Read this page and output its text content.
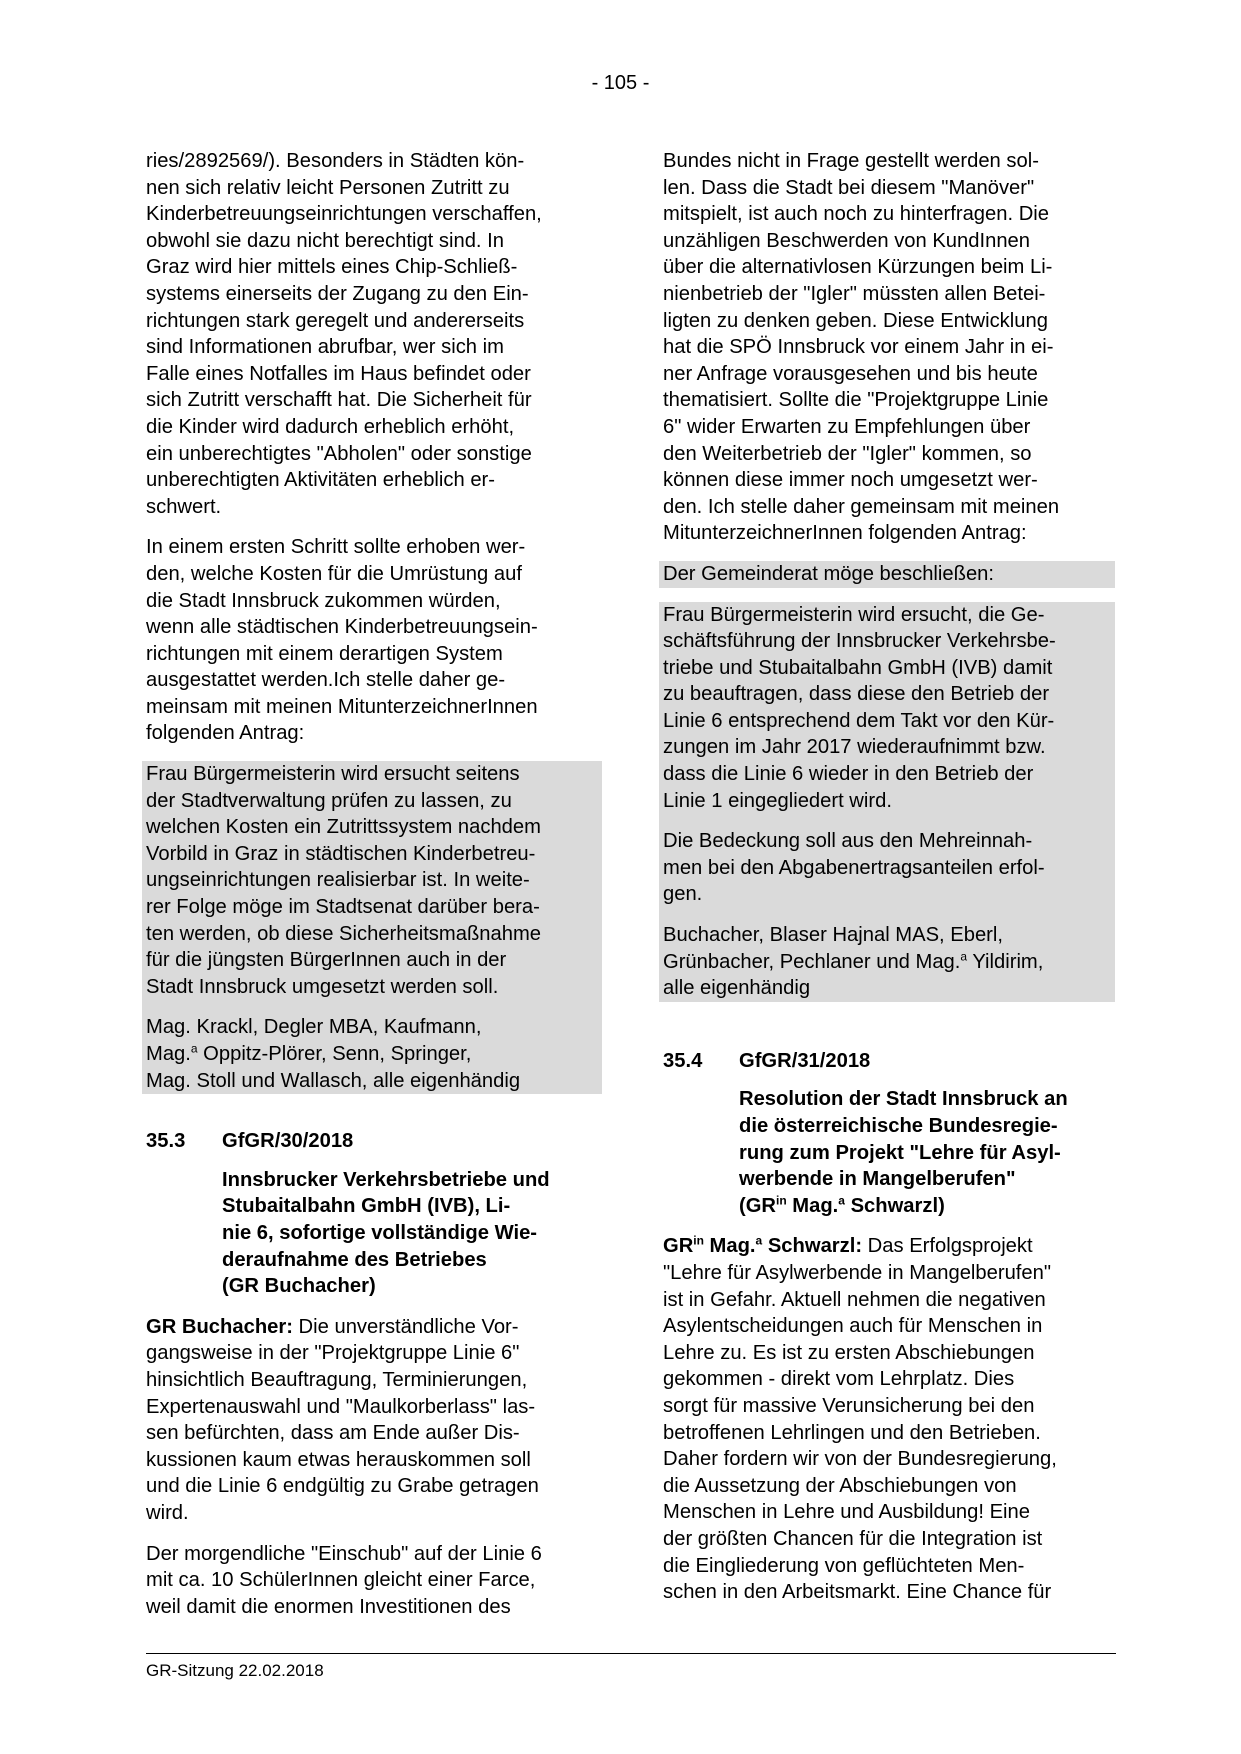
- 105 -

ries/2892569/). Besonders in Städten kön-
nen sich relativ leicht Personen Zutritt zu
Kinderbetreuungseinrichtungen verschaffen,
obwohl sie dazu nicht berechtigt sind. In
Graz wird hier mittels eines Chip-Schließ-
systems einerseits der Zugang zu den Ein-
richtungen stark geregelt und andererseits
sind Informationen abrufbar, wer sich im
Falle eines Notfalles im Haus befindet oder
sich Zutritt verschafft hat. Die Sicherheit für
die Kinder wird dadurch erheblich erhöht,
ein unberechtigtes "Abholen" oder sonstige
unberechtigten Aktivitäten erheblich er-
schwert.

In einem ersten Schritt sollte erhoben wer-
den, welche Kosten für die Umrüstung auf
die Stadt Innsbruck zukommen würden,
wenn alle städtischen Kinderbetreuungsein-
richtungen mit einem derartigen System
ausgestattet werden.Ich stelle daher ge-
meinsam mit meinen MitunterzeichnerInnen
folgenden Antrag:

Frau Bürgermeisterin wird ersucht seitens
der Stadtverwaltung prüfen zu lassen, zu
welchen Kosten ein Zutrittssystem nachdem
Vorbild in Graz in städtischen Kinderbetreu-
ungseinrichtungen realisierbar ist. In weite-
rer Folge möge im Stadtsenat darüber bera-
ten werden, ob diese Sicherheitsmaßnahme
für die jüngsten BürgerInnen auch in der
Stadt Innsbruck umgesetzt werden soll.

Mag. Krackl, Degler MBA, Kaufmann,
Mag.$^a$ Oppitz-Plörer, Senn, Springer,
Mag. Stoll und Wallasch, alle eigenhändig

35.3	GfGR/30/2018
Innsbrucker Verkehrsbetriebe und
Stubaitalbahn GmbH (IVB), Li-
nie 6, sofortige vollständige Wie-
deraufnahme des Betriebes
(GR Buchacher)

GR Buchacher: Die unverständliche Vor-
gangsweise in der "Projektgruppe Linie 6"
hinsichtlich Beauftragung, Terminierungen,
Expertenauswahl und "Maulkorberlass" las-
sen befürchten, dass am Ende außer Dis-
kussionen kaum etwas herauskommen soll
und die Linie 6 endgültig zu Grabe getragen
wird.

Der morgendliche "Einschub" auf der Linie 6
mit ca. 10 SchülerInnen gleicht einer Farce,
weil damit die enormen Investitionen des

Bundes nicht in Frage gestellt werden sol-
len. Dass die Stadt bei diesem "Manöver"
mitspielt, ist auch noch zu hinterfragen. Die
unzähligen Beschwerden von KundInnen
über die alternativlosen Kürzungen beim Li-
nienbetrieb der "Igler" müssten allen Betei-
ligten zu denken geben. Diese Entwicklung
hat die SPÖ Innsbruck vor einem Jahr in ei-
ner Anfrage vorausgesehen und bis heute
thematisiert. Sollte die "Projektgruppe Linie
6" wider Erwarten zu Empfehlungen über
den Weiterbetrieb der "Igler" kommen, so
können diese immer noch umgesetzt wer-
den. Ich stelle daher gemeinsam mit meinen
MitunterzeichnerInnen folgenden Antrag:

Der Gemeinderat möge beschließen:

Frau Bürgermeisterin wird ersucht, die Ge-
schäftsführung der Innsbrucker Verkehrsbe-
triebe und Stubaitalbahn GmbH (IVB) damit
zu beauftragen, dass diese den Betrieb der
Linie 6 entsprechend dem Takt vor den Kür-
zungen im Jahr 2017 wiederaufnimmt bzw.
dass die Linie 6 wieder in den Betrieb der
Linie 1 eingegliedert wird.

Die Bedeckung soll aus den Mehreinnah-
men bei den Abgabenertragsanteilen erfol-
gen.

Buchacher, Blaser Hajnal MAS, Eberl,
Grünbacher, Pechlaner und Mag.$^a$ Yildirim,
alle eigenhändig

35.4	GfGR/31/2018
Resolution der Stadt Innsbruck an
die österreichische Bundesregie-
rung zum Projekt "Lehre für Asyl-
werbende in Mangelberufen"
($GR^{in}$ Mag.$^a$ Schwarzl)

$GR^{in}$ Mag.$^a$ Schwarzl: Das Erfolgsprojekt
"Lehre für Asylwerbende in Mangelberufen"
ist in Gefahr. Aktuell nehmen die negativen
Asylentscheidungen auch für Menschen in
Lehre zu. Es ist zu ersten Abschiebungen
gekommen - direkt vom Lehrplatz. Dies
sorgt für massive Verunsicherung bei den
betroffenen Lehrlingen und den Betrieben.
Daher fordern wir von der Bundesregierung,
die Aussetzung der Abschiebungen von
Menschen in Lehre und Ausbildung! Eine
der größten Chancen für die Integration ist
die Eingliederung von geflüchteten Men-
schen in den Arbeitsmarkt. Eine Chance für

GR-Sitzung 22.02.2018
